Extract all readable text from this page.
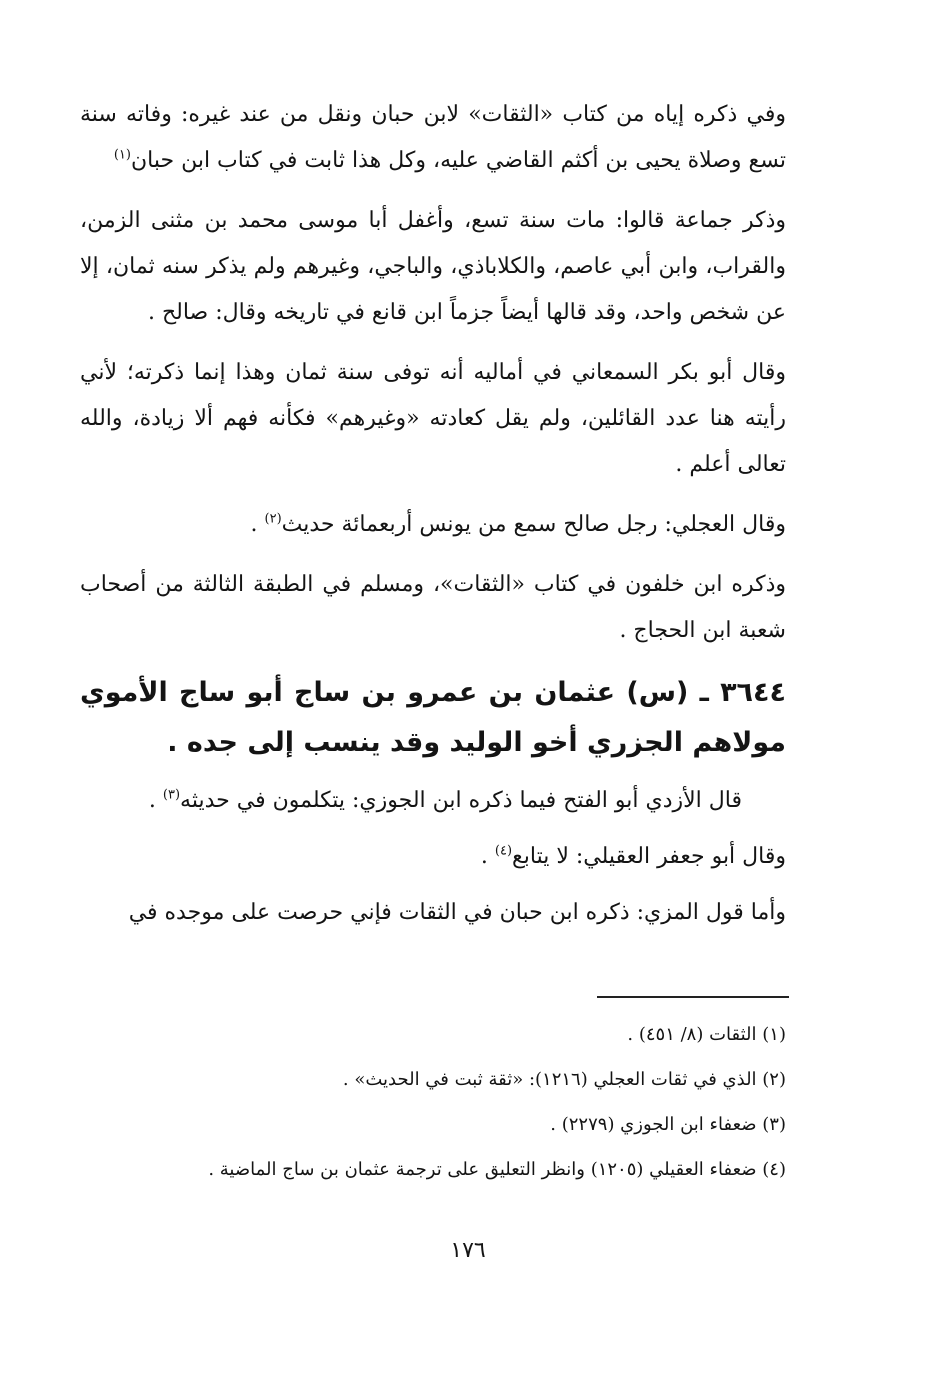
وفي ذكره إياه من كتاب «الثقات» لابن حبان ونقل من عند غيره: وفاته سنة تسع وصلاة يحيى بن أكثم القاضي عليه، وكل هذا ثابت في كتاب ابن حبان$^{(١)}$

وذكر جماعة قالوا: مات سنة تسع، وأغفل أبا موسى محمد بن مثنى الزمن، والقراب، وابن أبي عاصم، والكلاباذي، والباجي، وغيرهم ولم يذكر سنه ثمان، إلا عن شخص واحد، وقد قالها أيضاً جزماً ابن قانع في تاريخه وقال: صالح .

وقال أبو بكر السمعاني في أماليه أنه توفى سنة ثمان وهذا إنما ذكرته؛ لأني رأيته هنا عدد القائلين، ولم يقل كعادته «وغيرهم» فكأنه فهم ألا زيادة، والله تعالى أعلم .

وقال العجلي: رجل صالح سمع من يونس أربعمائة حديث$^{(٢)}$ .

وذكره ابن خلفون في كتاب «الثقات»، ومسلم في الطبقة الثالثة من أصحاب شعبة ابن الحجاج .

٣٦٤٤ ـ (س) عثمان بن عمرو بن ساج أبو ساج الأموي مولاهم الجزري أخو الوليد وقد ينسب إلى جده .

قال الأزدي أبو الفتح فيما ذكره ابن الجوزي: يتكلمون في حديثه$^{(٣)}$ .

وقال أبو جعفر العقيلي: لا يتابع$^{(٤)}$ .

وأما قول المزي: ذكره ابن حبان في الثقات فإني حرصت على موجده في

(١) الثقات (٨/ ٤٥١) .
(٢) الذي في ثقات العجلي (١٢١٦): «ثقة ثبت في الحديث» .
(٣) ضعفاء ابن الجوزي (٢٢٧٩) .
(٤) ضعفاء العقيلي (١٢٠٥) وانظر التعليق على ترجمة عثمان بن ساج الماضية .
١٧٦
